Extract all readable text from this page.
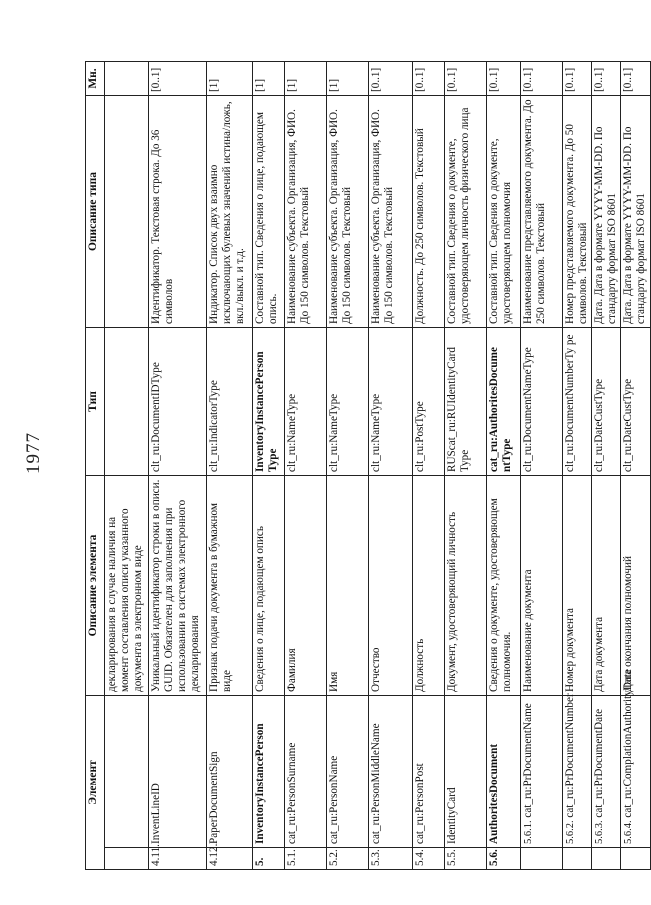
1977
Элемент		Описание элемента	Тип	Описание типа	Мн.
		декларирования в случае наличия на момент составления описи указанного документа в электронном виде			
4.11.	InventLineID	Уникальный идентификатор строки в описи. GUID. Обязателен для заполнения при использовании в системах электронного декларирования	clt_ru:DocumentIDType	Идентификатор. Текстовая строка. До 36 символов	[0..1]
4.12.	PaperDocumentSign	Признак подачи документа в бумажном виде	clt_ru:IndicatorType	Индикатор. Список двух взаимно исключающих булевых значений истина/ложь, вкл./выкл. и т.д.	[1]
5.	InventoryInstancePerson	Сведения о лице, подающем опись	InventoryInstancePerson Type	Составной тип. Сведения о лице, подающем опись.	[1]
5.1.	cat_ru:PersonSurname	Фамилия	clt_ru:NameType	Наименование субъекта. Организация, ФИО. До 150 символов. Текстовый	[1]
5.2.	cat_ru:PersonName	Имя	clt_ru:NameType	Наименование субъекта. Организация, ФИО. До 150 символов. Текстовый	[1]
5.3.	cat_ru:PersonMiddleName	Отчество	clt_ru:NameType	Наименование субъекта. Организация, ФИО. До 150 символов. Текстовый	[0..1]
5.4.	cat_ru:PersonPost	Должность	clt_ru:PostType	Должность. До 250 символов. Текстовый	[0..1]
5.5.	IdentityCard	Документ, удостоверяющий личность	RUScat_ru:RUIdentityCard Type	Составной тип. Сведения о документе, удостоверяющем личность физического лица	[0..1]
5.6.	AuthoritesDocument	Сведения о документе, удостоверяющем полномочия.	cat_ru:AuthoritesDocume ntType	Составной тип. Сведения о документе, удостоверяющем полномочия	[0..1]
	5.6.1. cat_ru:PrDocumentName	Наименование документа	clt_ru:DocumentNameType	Наименование представляемого документа. До 250 символов. Текстовый	[0..1]
	5.6.2. cat_ru:PrDocumentNumber	Номер документа	clt_ru:DocumentNumberTy pe	Номер представляемого документа. До 50 символов. Текстовый	[0..1]
	5.6.3. cat_ru:PrDocumentDate	Дата документа	clt_ru:DateCustType	Дата. Дата в формате YYYY-MM-DD. По стандарту формат ISO 8601	[0..1]
	5.6.4. cat_ru:ComplationAuthorityDate	Дата окончания полномочий	clt_ru:DateCustType	Дата. Дата в формате YYYY-MM-DD. По стандарту формат ISO 8601	[0..1]
